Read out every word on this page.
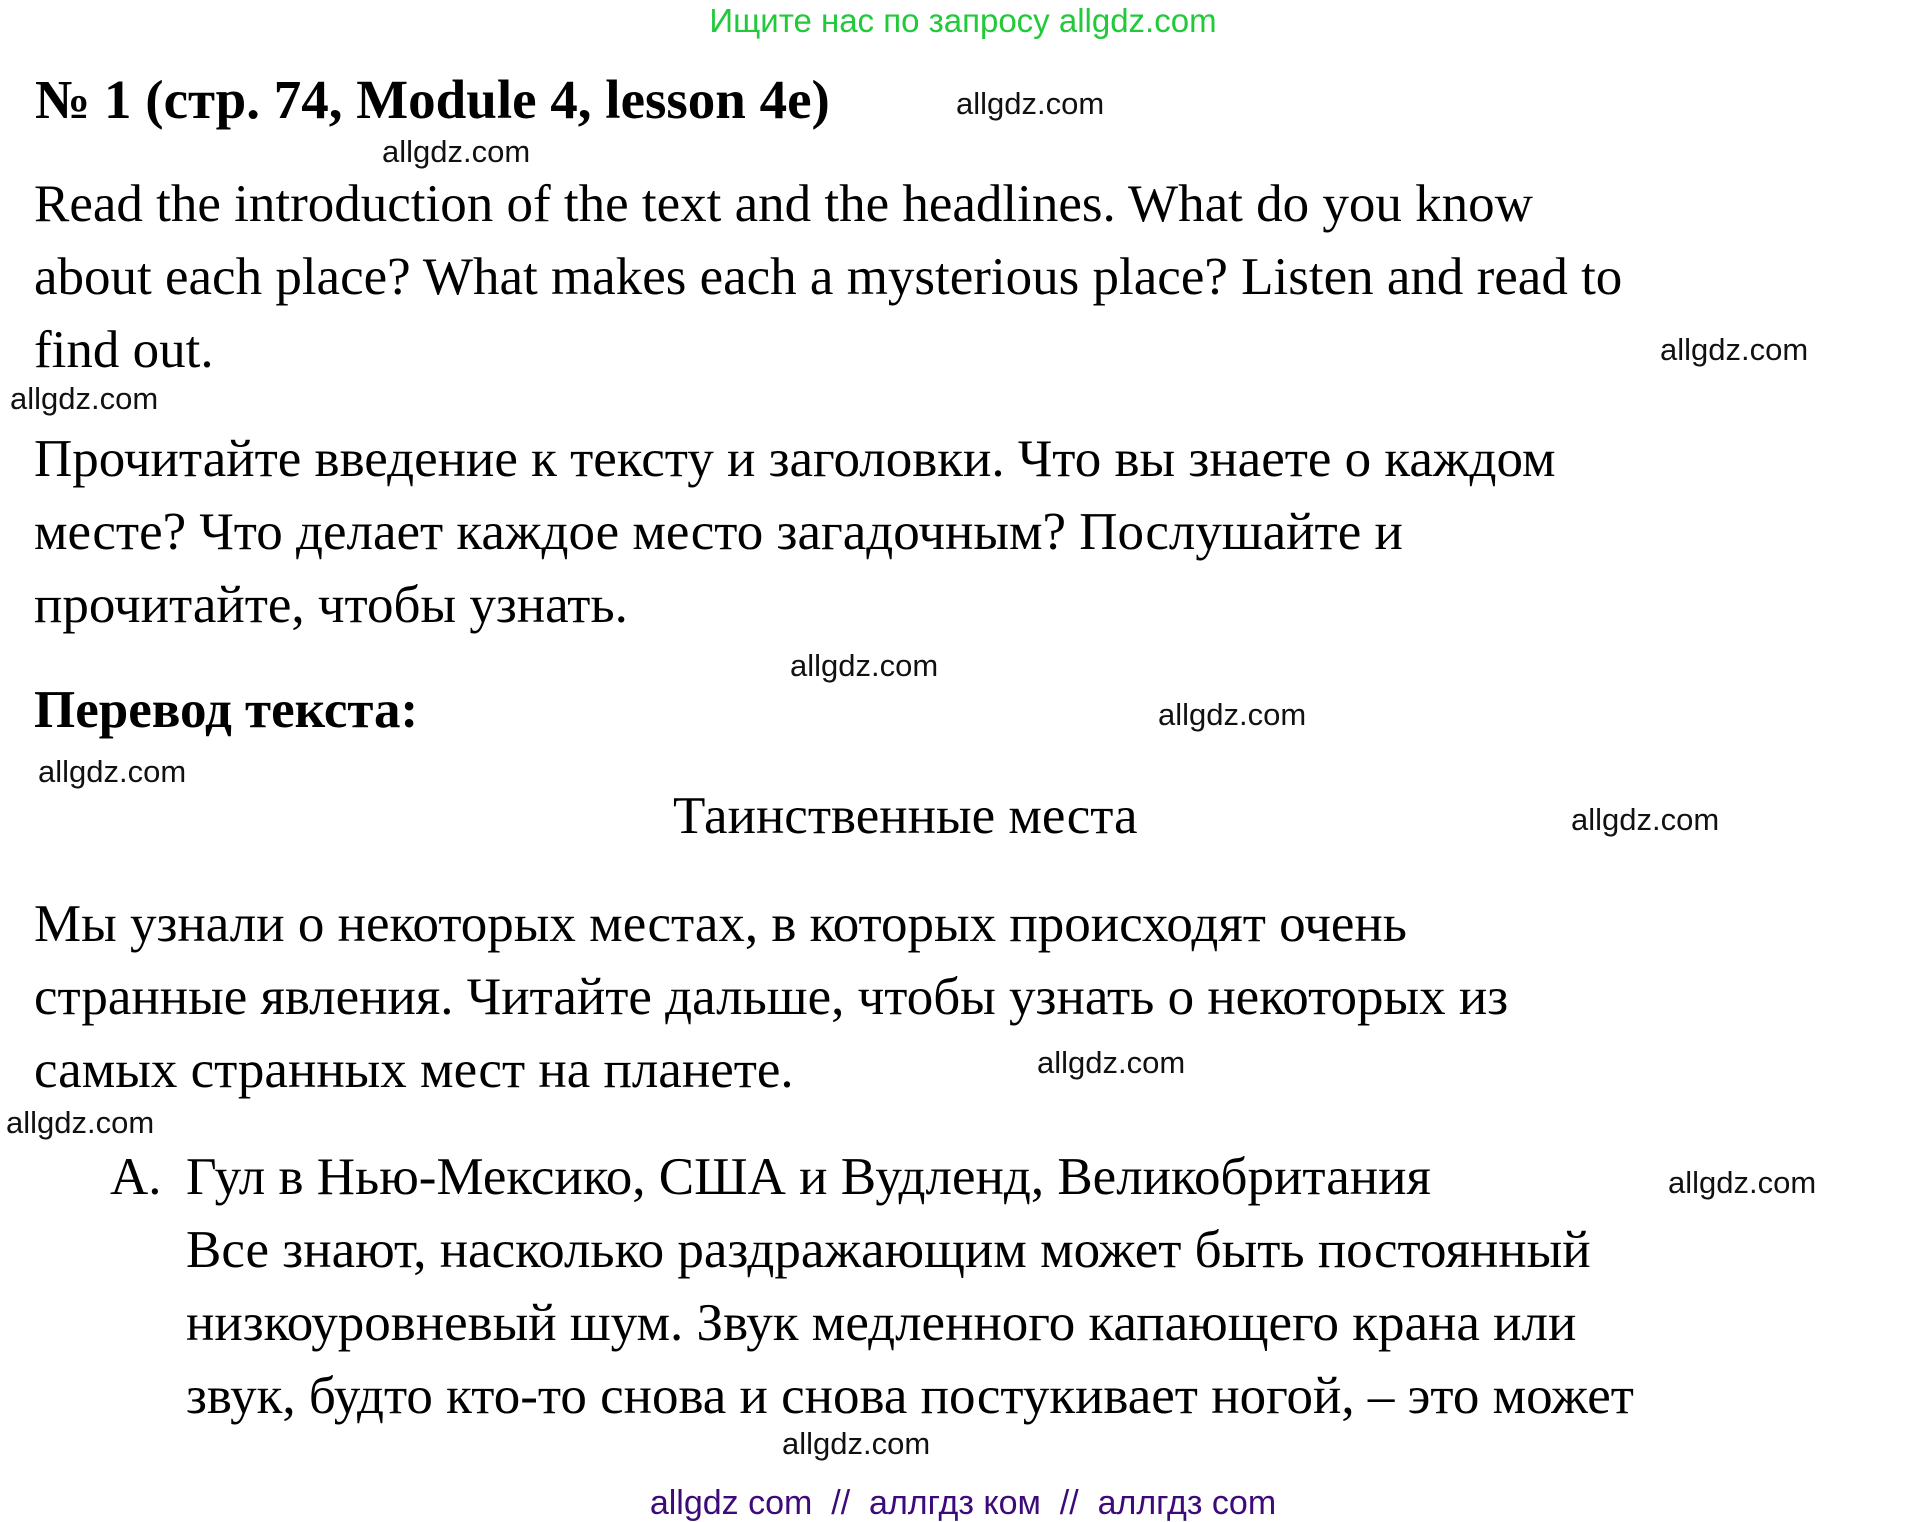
Ищите нас по запросу allgdz.com
№ 1 (стр. 74, Module 4, lesson 4e)	allgdz.com
allgdz.com
Read the introduction of the text and the headlines. What do you know
about each place? What makes each a mysterious place? Listen and read to
find out.	allgdz.com
allgdz.com
Прочитайте введение к тексту и заголовки. Что вы знаете о каждом
месте? Что делает каждое место загадочным? Послушайте и
прочитайте, чтобы узнать.
allgdz.com
Перевод текста:	allgdz.com
allgdz.com
Таинственные места	allgdz.com
Мы узнали о некоторых местах, в которых происходят очень
странные явления. Читайте дальше, чтобы узнать о некоторых из
самых странных мест на планете.	allgdz.com
allgdz.com
A. Гул в Нью-Мексико, США и Вудленд, Великобритания	allgdz.com
Все знают, насколько раздражающим может быть постоянный
низкоуровневый шум. Звук медленного капающего крана или
звук, будто кто-то снова и снова постукивает ногой, – это может
allgdz.com
allgdz com  //  аллгдз ком  //  аллгдз com
